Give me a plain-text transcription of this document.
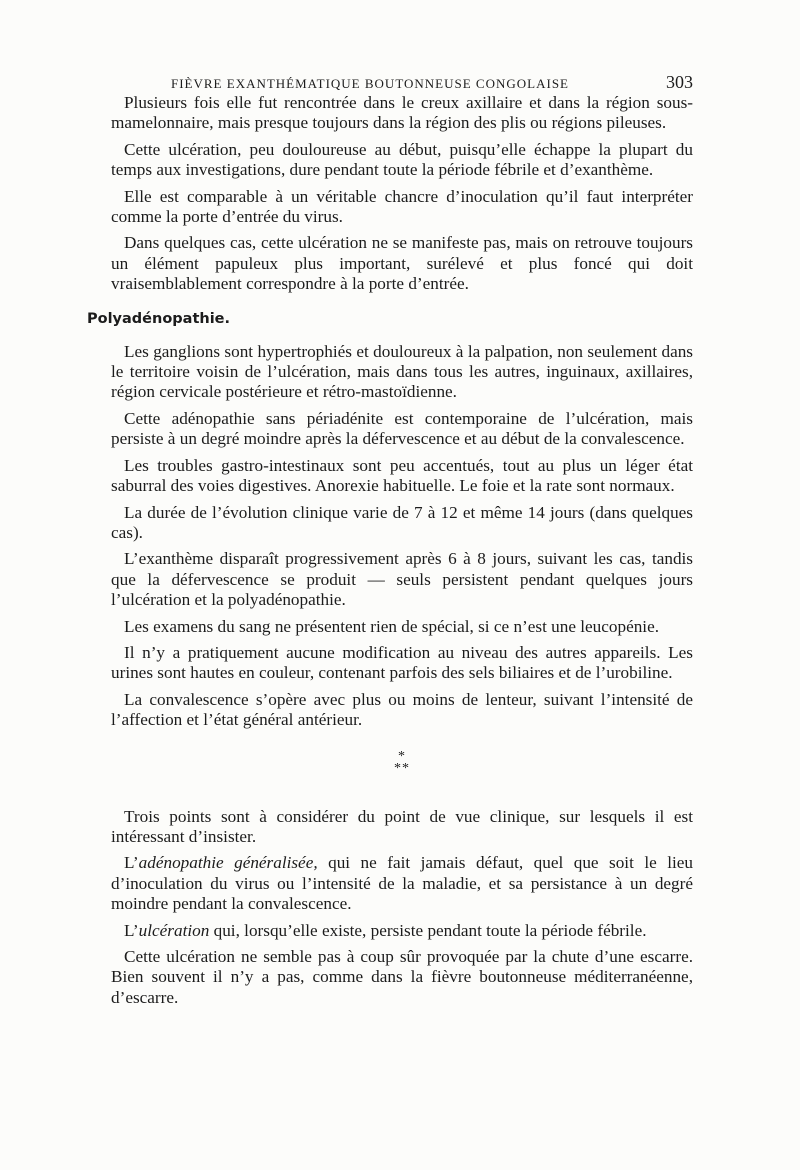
FIÈVRE EXANTHÉMATIQUE BOUTONNEUSE CONGOLAISE	303

Plusieurs fois elle fut rencontrée dans le creux axillaire et dans la région sous-mamelonnaire, mais presque toujours dans la région des plis ou régions pileuses.

Cette ulcération, peu douloureuse au début, puisqu’elle échappe la plupart du temps aux investigations, dure pendant toute la période fébrile et d’exanthème.

Elle est comparable à un véritable chancre d’inoculation qu’il faut interpréter comme la porte d’entrée du virus.

Dans quelques cas, cette ulcération ne se manifeste pas, mais on retrouve toujours un élément papuleux plus important, surélevé et plus foncé qui doit vraisemblablement correspondre à la porte d’entrée.

Polyadénopathie.

Les ganglions sont hypertrophiés et douloureux à la palpation, non seulement dans le territoire voisin de l’ulcération, mais dans tous les autres, inguinaux, axillaires, région cervicale postérieure et rétro-mastoïdienne.

Cette adénopathie sans périadénite est contemporaine de l’ulcération, mais persiste à un degré moindre après la défervescence et au début de la convalescence.

Les troubles gastro-intestinaux sont peu accentués, tout au plus un léger état saburral des voies digestives. Anorexie habituelle. Le foie et la rate sont normaux.

La durée de l’évolution clinique varie de 7 à 12 et même 14 jours (dans quelques cas).

L’exanthème disparaît progressivement après 6 à 8 jours, suivant les cas, tandis que la défervescence se produit — seuls persistent pendant quelques jours l’ulcération et la polyadénopathie.

Les examens du sang ne présentent rien de spécial, si ce n’est une leucopénie.

Il n’y a pratiquement aucune modification au niveau des autres appareils. Les urines sont hautes en couleur, contenant parfois des sels biliaires et de l’urobiline.

La convalescence s’opère avec plus ou moins de lenteur, suivant l’intensité de l’affection et l’état général antérieur.

*
**

Trois points sont à considérer du point de vue clinique, sur lesquels il est intéressant d’insister.

L’adénopathie généralisée, qui ne fait jamais défaut, quel que soit le lieu d’inoculation du virus ou l’intensité de la maladie, et sa persistance à un degré moindre pendant la convalescence.

L’ulcération qui, lorsqu’elle existe, persiste pendant toute la période fébrile.

Cette ulcération ne semble pas à coup sûr provoquée par la chute d’une escarre. Bien souvent il n’y a pas, comme dans la fièvre boutonneuse méditerranéenne, d’escarre.
